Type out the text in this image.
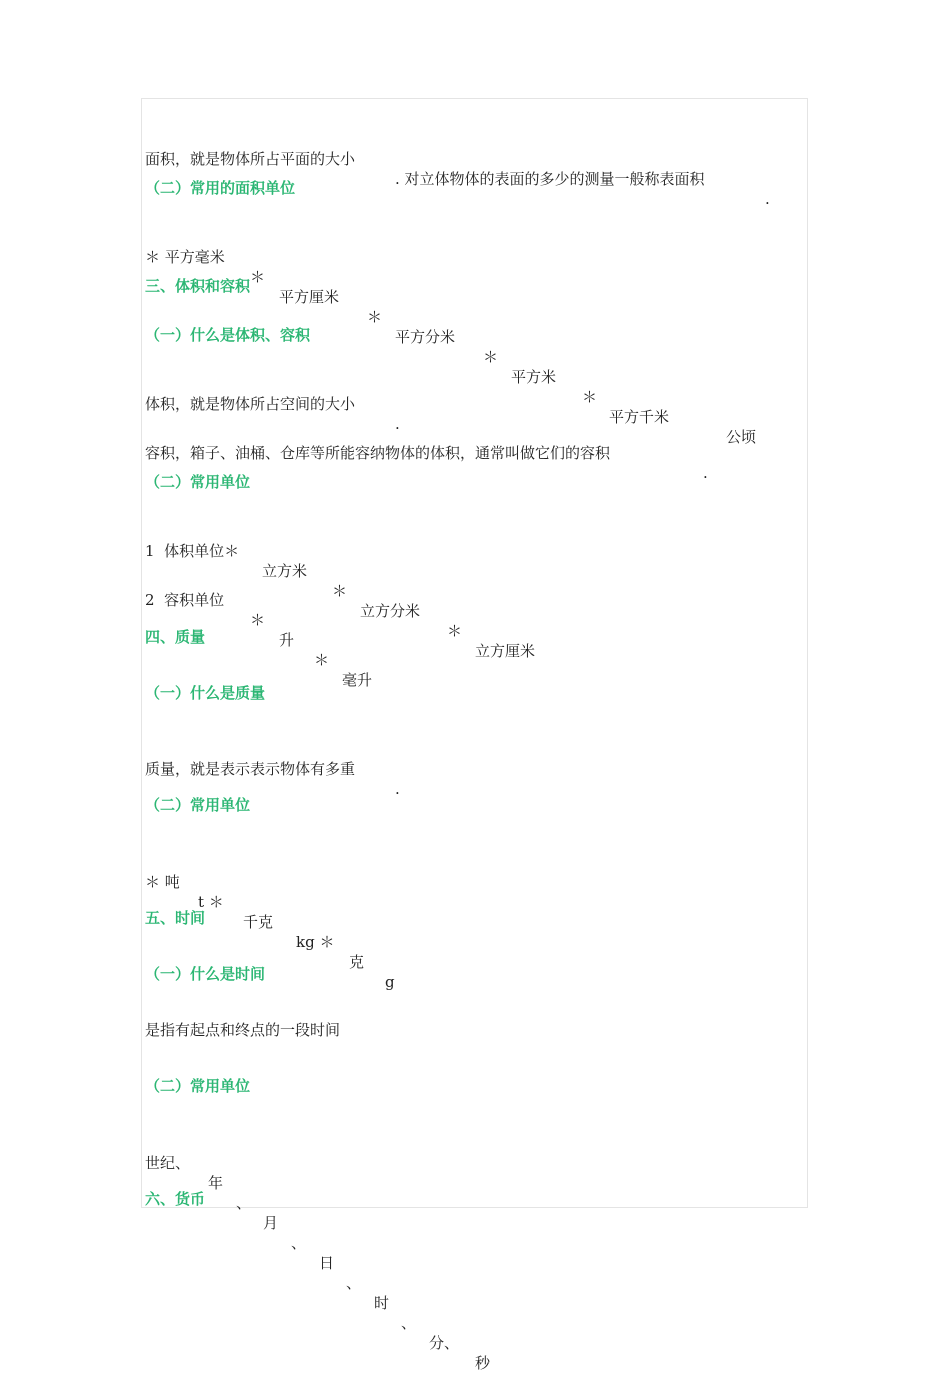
面积，就是物体所占平面的大小

. 对立体物体的表面的多少的测量一般称表面积

.

（二）常用的面积单位

＊ 平方毫米

＊

平方厘米

＊

平方分米

＊

平方米

＊

平方千米

公顷

三、体积和容积
（一）什么是体积、容积

体积，就是物体所占空间的大小

.

容积，箱子、油桶、仓库等所能容纳物体的体积，通常叫做它们的容积

.

（二）常用单位

1  体积单位＊

立方米

＊

立方分米

＊

立方厘米

2  容积单位

＊

升

＊

毫升

四、质量
（一）什么是质量

质量，就是表示表示物体有多重

.

（二）常用单位

＊ 吨

t ＊

千克

kg ＊

克

g

五、时间
（一）什么是时间
是指有起点和终点的一段时间
（二）常用单位

世纪、

年

、

月

、

日

、

时

、

分、

秒

六、货币
